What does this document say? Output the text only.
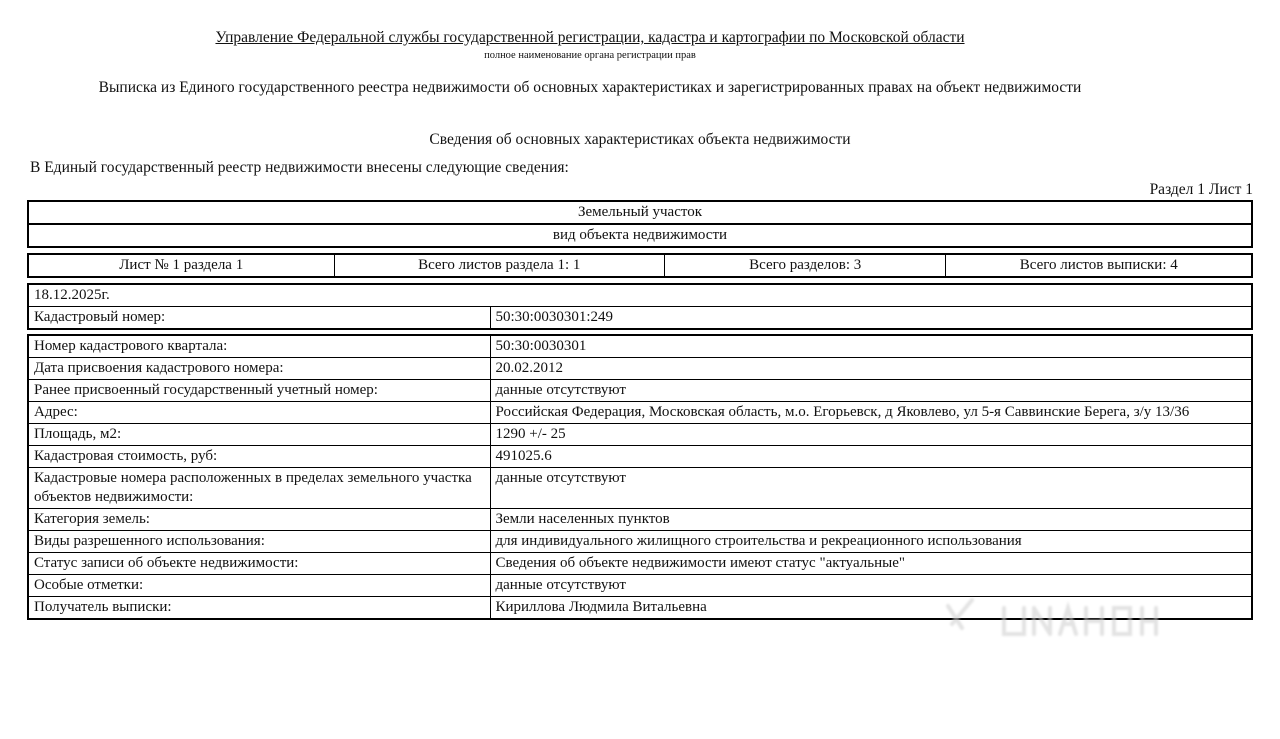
Управление Федеральной службы государственной регистрации, кадастра и картографии по Московской области
полное наименование органа регистрации прав
Выписка из Единого государственного реестра недвижимости об основных характеристиках и зарегистрированных правах на объект недвижимости
Сведения об основных характеристиках объекта недвижимости
В Единый государственный реестр недвижимости внесены следующие сведения:
Раздел 1 Лист 1
Земельный участок
вид объекта недвижимости
Лист № 1 раздела 1	Всего листов раздела 1: 1	Всего разделов: 3	Всего листов выписки: 4
18.12.2025г.
Кадастровый номер:	50:30:0030301:249
Номер кадастрового квартала:	50:30:0030301
Дата присвоения кадастрового номера:	20.02.2012
Ранее присвоенный государственный учетный номер:	данные отсутствуют
Адрес:	Российская Федерация, Московская область, м.о. Егорьевск, д Яковлево, ул 5-я Саввинские Берега, з/у 13/36
Площадь, м2:	1290 +/- 25
Кадастровая стоимость, руб:	491025.6
Кадастровые номера расположенных в пределах земельного участка объектов недвижимости:	данные отсутствуют
Категория земель:	Земли населенных пунктов
Виды разрешенного использования:	для индивидуального жилищного строительства и рекреационного использования
Статус записи об объекте недвижимости:	Сведения об объекте недвижимости имеют статус "актуальные"
Особые отметки:	данные отсутствуют
Получатель выписки:	Кириллова Людмила Витальевна
